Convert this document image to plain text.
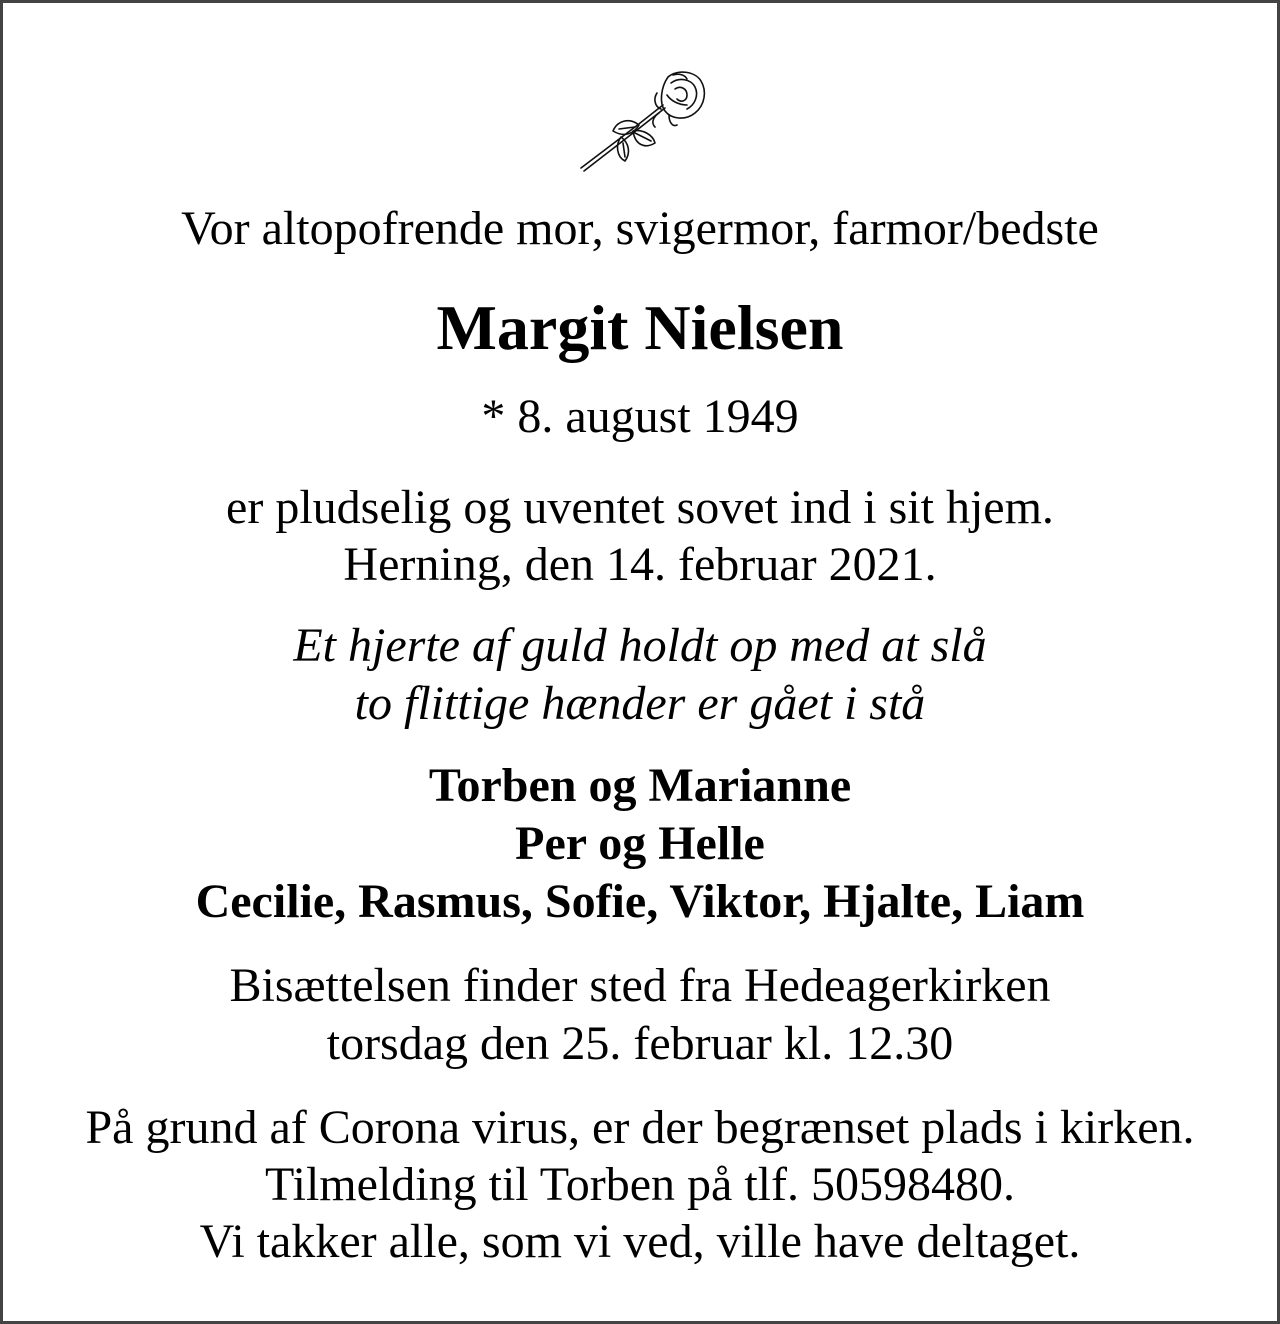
Vor altopofrende mor, svigermor, farmor/bedste
Margit Nielsen
* 8. august 1949
er pludselig og uventet sovet ind i sit hjem.
Herning, den 14. februar 2021.
Et hjerte af guld holdt op med at slå
to flittige hænder er gået i stå
Torben og Marianne
Per og Helle
Cecilie, Rasmus, Sofie, Viktor, Hjalte, Liam
Bisættelsen finder sted fra Hedeagerkirken
torsdag den 25. februar kl. 12.30
På grund af Corona virus, er der begrænset plads i kirken.
Tilmelding til Torben på tlf. 50598480.
Vi takker alle, som vi ved, ville have deltaget.
